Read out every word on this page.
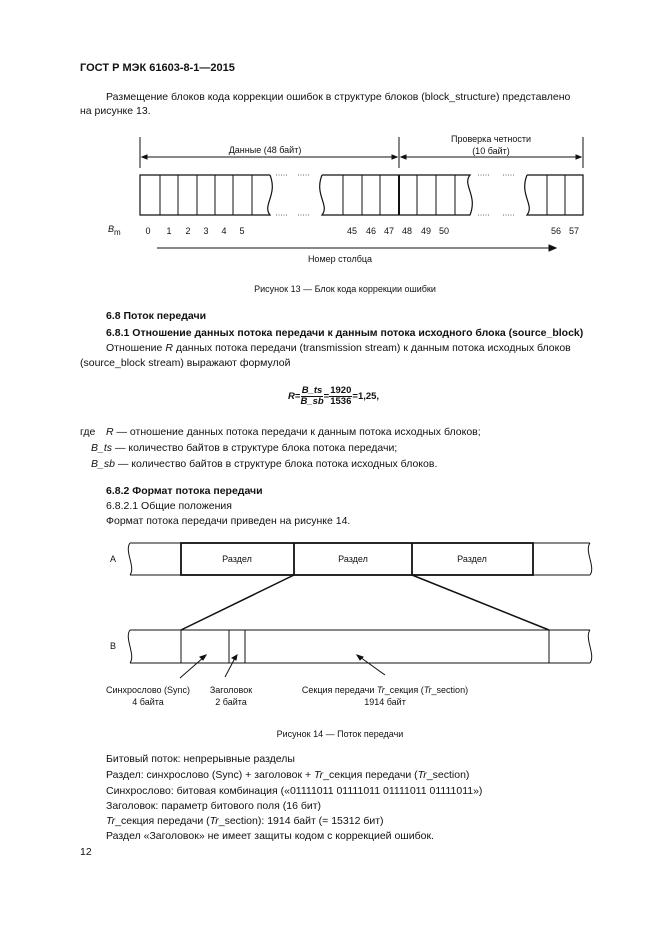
ГОСТ Р МЭК 61603-8-1—2015
Размещение блоков кода коррекции ошибок в структуре блоков (block_structure) представлено
на рисунке 13.
Данные (48 байт)
Проверка четности
(10 байт)
Bm	0 1 2 3 4 5	45 46 47 48 49 50	56 57
Номер столбца
Рисунок 13 — Блок кода коррекции ошибки
A
B
Раздел	Раздел	Раздел
Синхрослово (Sync)
4 байта
Заголовок
2 байта
Секция передачи Tr_секция (Tr_section)
1914 байт
Рисунок 14 — Поток передачи
6.8 Поток передачи
6.8.1 Отношение данных потока передачи к данным потока исходного блока (source_block)
Отношение R данных потока передачи (transmission stream) к данным потока исходных блоков
(source_block stream) выражают формулой
$R = \frac{B\_ts}{B\_sb} = \frac{1920}{1536} = 1,25$,
где R — отношение данных потока передачи к данным потока исходных блоков;
B_ts — количество байтов в структуре блока потока передачи;
B_sb — количество байтов в структуре блока потока исходных блоков.
6.8.2 Формат потока передачи
6.8.2.1 Общие положения
Формат потока передачи приведен на рисунке 14.
Битовый поток: непрерывные разделы
Раздел: синхрослово (Sync) + заголовок + Tr_секция передачи (Tr_section)
Синхрослово: битовая комбинация («01111011 01111011 01111011 01111011»)
Заголовок: параметр битового поля (16 бит)
Tr_секция передачи (Tr_section): 1914 байт (= 15312 бит)
Раздел «Заголовок» не имеет защиты кодом с коррекцией ошибок.
12
